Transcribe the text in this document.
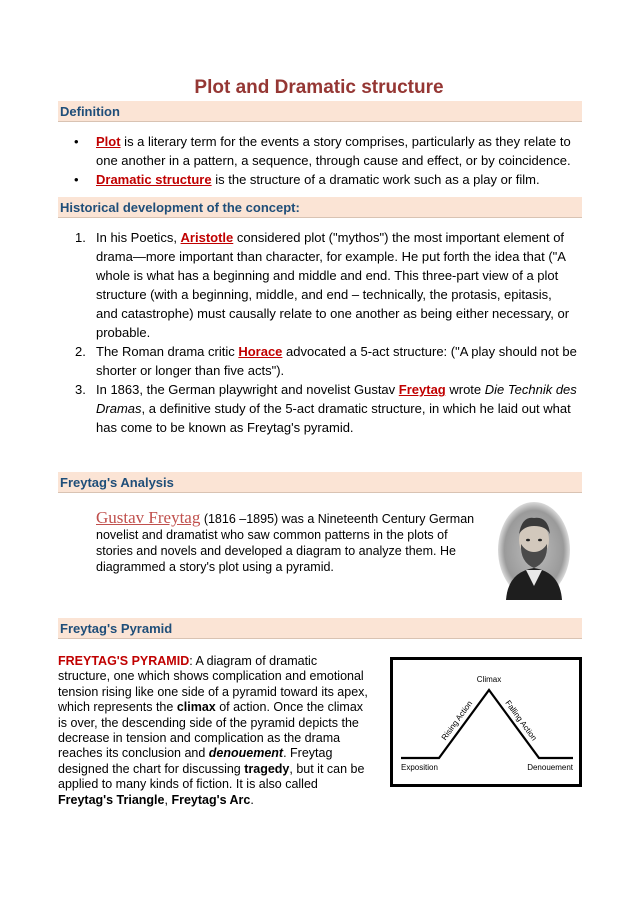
Plot and Dramatic structure
Definition
• Plot is a literary term for the events a story comprises, particularly as they relate to
one another in a pattern, a sequence, through cause and effect, or by coincidence.
• Dramatic structure is the structure of a dramatic work such as a play or film.
Historical development of the concept:
1. In his Poetics, Aristotle considered plot ("mythos") the most important element of
drama—more important than character, for example. He put forth the idea that ("A
whole is what has a beginning and middle and end. This three-part view of a plot
structure (with a beginning, middle, and end – technically, the protasis, epitasis,
and catastrophe) must causally relate to one another as being either necessary, or
probable.
2. The Roman drama critic Horace advocated a 5-act structure: ("A play should not be
shorter or longer than five acts").
3. In 1863, the German playwright and novelist Gustav Freytag wrote Die Technik des
Dramas, a definitive study of the 5-act dramatic structure, in which he laid out what
has come to be known as Freytag's pyramid.
Freytag's Analysis
Gustav Freytag (1816 –1895) was a Nineteenth Century German
novelist and dramatist who saw common patterns in the plots of
stories and novels and developed a diagram to analyze them. He
diagrammed a story's plot using a pyramid.
Freytag's Pyramid
FREYTAG'S PYRAMID: A diagram of dramatic
structure, one which shows complication and emotional
tension rising like one side of a pyramid toward its apex,
which represents the climax of action. Once the climax
is over, the descending side of the pyramid depicts the
decrease in tension and complication as the drama
reaches its conclusion and denouement. Freytag
designed the chart for discussing tragedy, but it can be
applied to many kinds of fiction. It is also called
Freytag's Triangle, Freytag's Arc.
Climax
Rising Action	Falling Action
Exposition	Denouement
